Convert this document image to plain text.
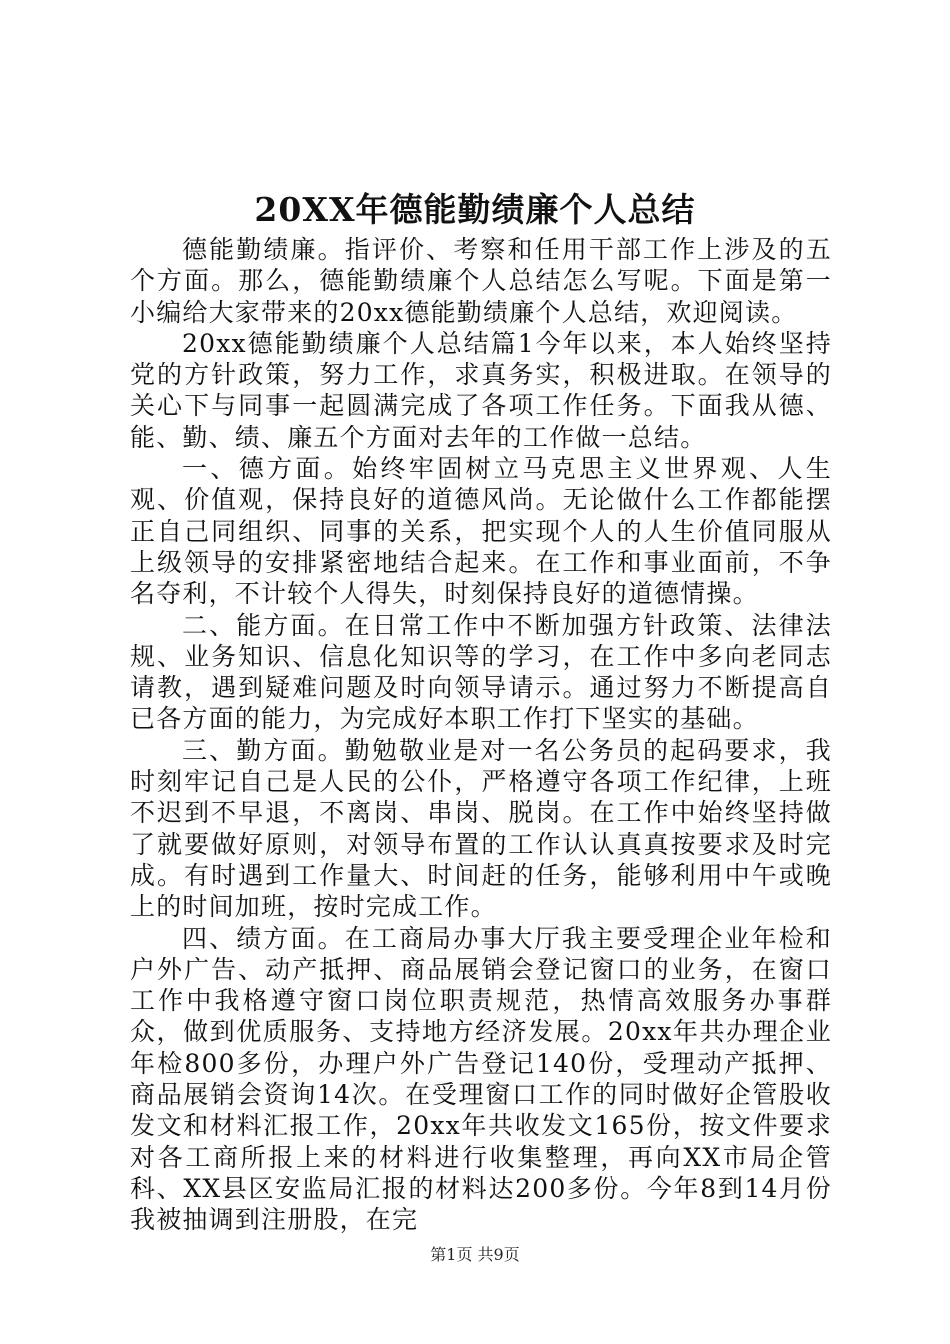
20XX年德能勤绩廉个人总结

德能勤绩廉。指评价、考察和任用干部工作上涉及的五个方面。那么，德能勤绩廉个人总结怎么写呢。下面是第一小编给大家带来的20xx德能勤绩廉个人总结，欢迎阅读。

20xx德能勤绩廉个人总结篇1今年以来，本人始终坚持党的方针政策，努力工作，求真务实，积极进取。在领导的关心下与同事一起圆满完成了各项工作任务。下面我从德、能、勤、绩、廉五个方面对去年的工作做一总结。

一、德方面。始终牢固树立马克思主义世界观、人生观、价值观，保持良好的道德风尚。无论做什么工作都能摆正自己同组织、同事的关系，把实现个人的人生价值同服从上级领导的安排紧密地结合起来。在工作和事业面前，不争名夺利，不计较个人得失，时刻保持良好的道德情操。

二、能方面。在日常工作中不断加强方针政策、法律法规、业务知识、信息化知识等的学习，在工作中多向老同志请教，遇到疑难问题及时向领导请示。通过努力不断提高自已各方面的能力，为完成好本职工作打下坚实的基础。

三、勤方面。勤勉敬业是对一名公务员的起码要求，我时刻牢记自己是人民的公仆，严格遵守各项工作纪律，上班不迟到不早退，不离岗、串岗、脱岗。在工作中始终坚持做了就要做好原则，对领导布置的工作认认真真按要求及时完成。有时遇到工作量大、时间赶的任务，能够利用中午或晚上的时间加班，按时完成工作。

四、绩方面。在工商局办事大厅我主要受理企业年检和户外广告、动产抵押、商品展销会登记窗口的业务，在窗口工作中我格遵守窗口岗位职责规范，热情高效服务办事群众，做到优质服务、支持地方经济发展。20xx年共办理企业年检800多份，办理户外广告登记140份，受理动产抵押、商品展销会资询14次。在受理窗口工作的同时做好企管股收发文和材料汇报工作，20xx年共收发文165份，按文件要求对各工商所报上来的材料进行收集整理，再向XX市局企管科、XX县区安监局汇报的材料达200多份。今年8到14月份我被抽调到注册股，在完

第1页 共9页
